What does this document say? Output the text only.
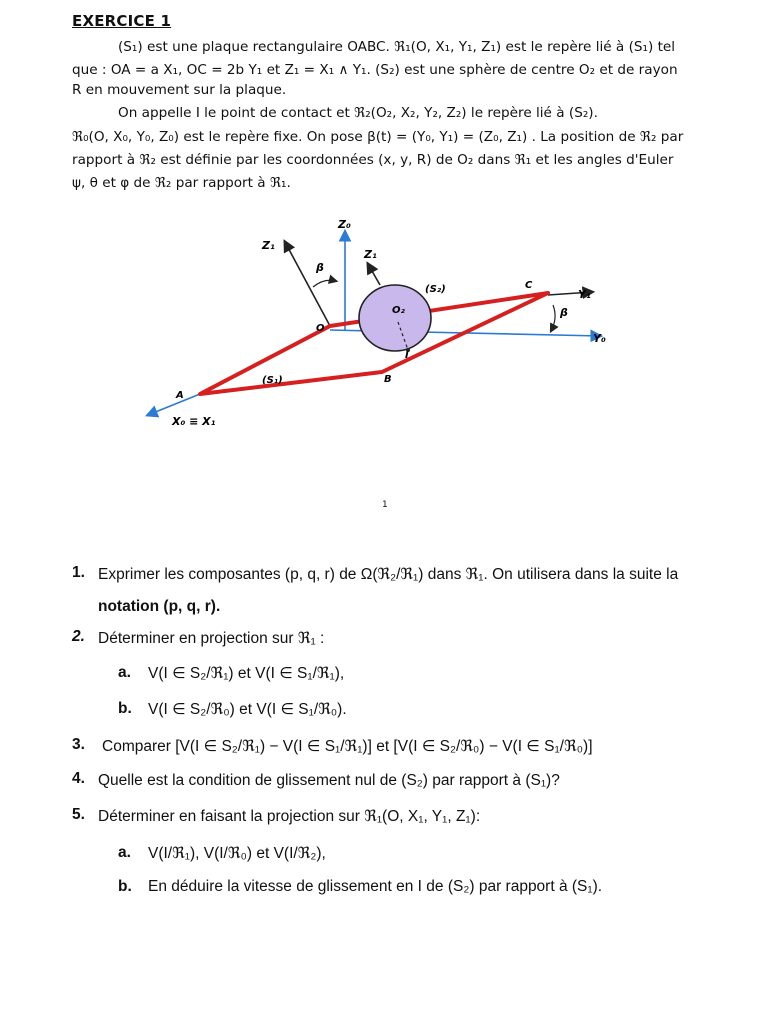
EXERCICE 1
(S₁) est une plaque rectangulaire OABC. ℜ₁(O, X₁, Y₁, Z₁) est le repère lié à (S₁) tel
que : OA = a X₁, OC = 2b Y₁ et Z₁ = X₁ ∧ Y₁. (S₂) est une sphère de centre O₂ et de rayon
R en mouvement sur la plaque.
On appelle I le point de contact et ℜ₂(O₂, X₂, Y₂, Z₂) le repère lié à (S₂).
ℜ₀(O, X₀, Y₀, Z₀) est le repère fixe. On pose β(t) = (Y₀, Y₁) = (Z₀, Z₁) . La position de ℜ₂ par
rapport à ℜ₂ est définie par les coordonnées (x, y, R) de O₂ dans ℜ₁ et les angles d'Euler
ψ, θ et φ de ℜ₂ par rapport à ℜ₁.
Z₀
Z₁
Z₁
β
β
O
O₂
(S₂)	C
Y₁
Y₀
I
A
(S₁)	B
X₀ ≡ X₁
1
1. Exprimer les composantes (p, q, r) de Ω(ℜ₂/ℜ₁) dans ℜ₁. On utilisera dans la suite la
notation (p, q, r).
2. Déterminer en projection sur ℜ₁ :
a. V(I ∈ S₂/ℜ₁) et V(I ∈ S₁/ℜ₁),
b. V(I ∈ S₂/ℜ₀) et V(I ∈ S₁/ℜ₀).
3. Comparer [V(I ∈ S₂/ℜ₁) − V(I ∈ S₁/ℜ₁)] et [V(I ∈ S₂/ℜ₀) − V(I ∈ S₁/ℜ₀)]
4. Quelle est la condition de glissement nul de (S₂) par rapport à (S₁)?
5. Déterminer en faisant la projection sur ℜ₁(O, X₁, Y₁, Z₁):
a. V(I/ℜ₁), V(I/ℜ₀) et V(I/ℜ₂),
b. En déduire la vitesse de glissement en I de (S₂) par rapport à (S₁).
